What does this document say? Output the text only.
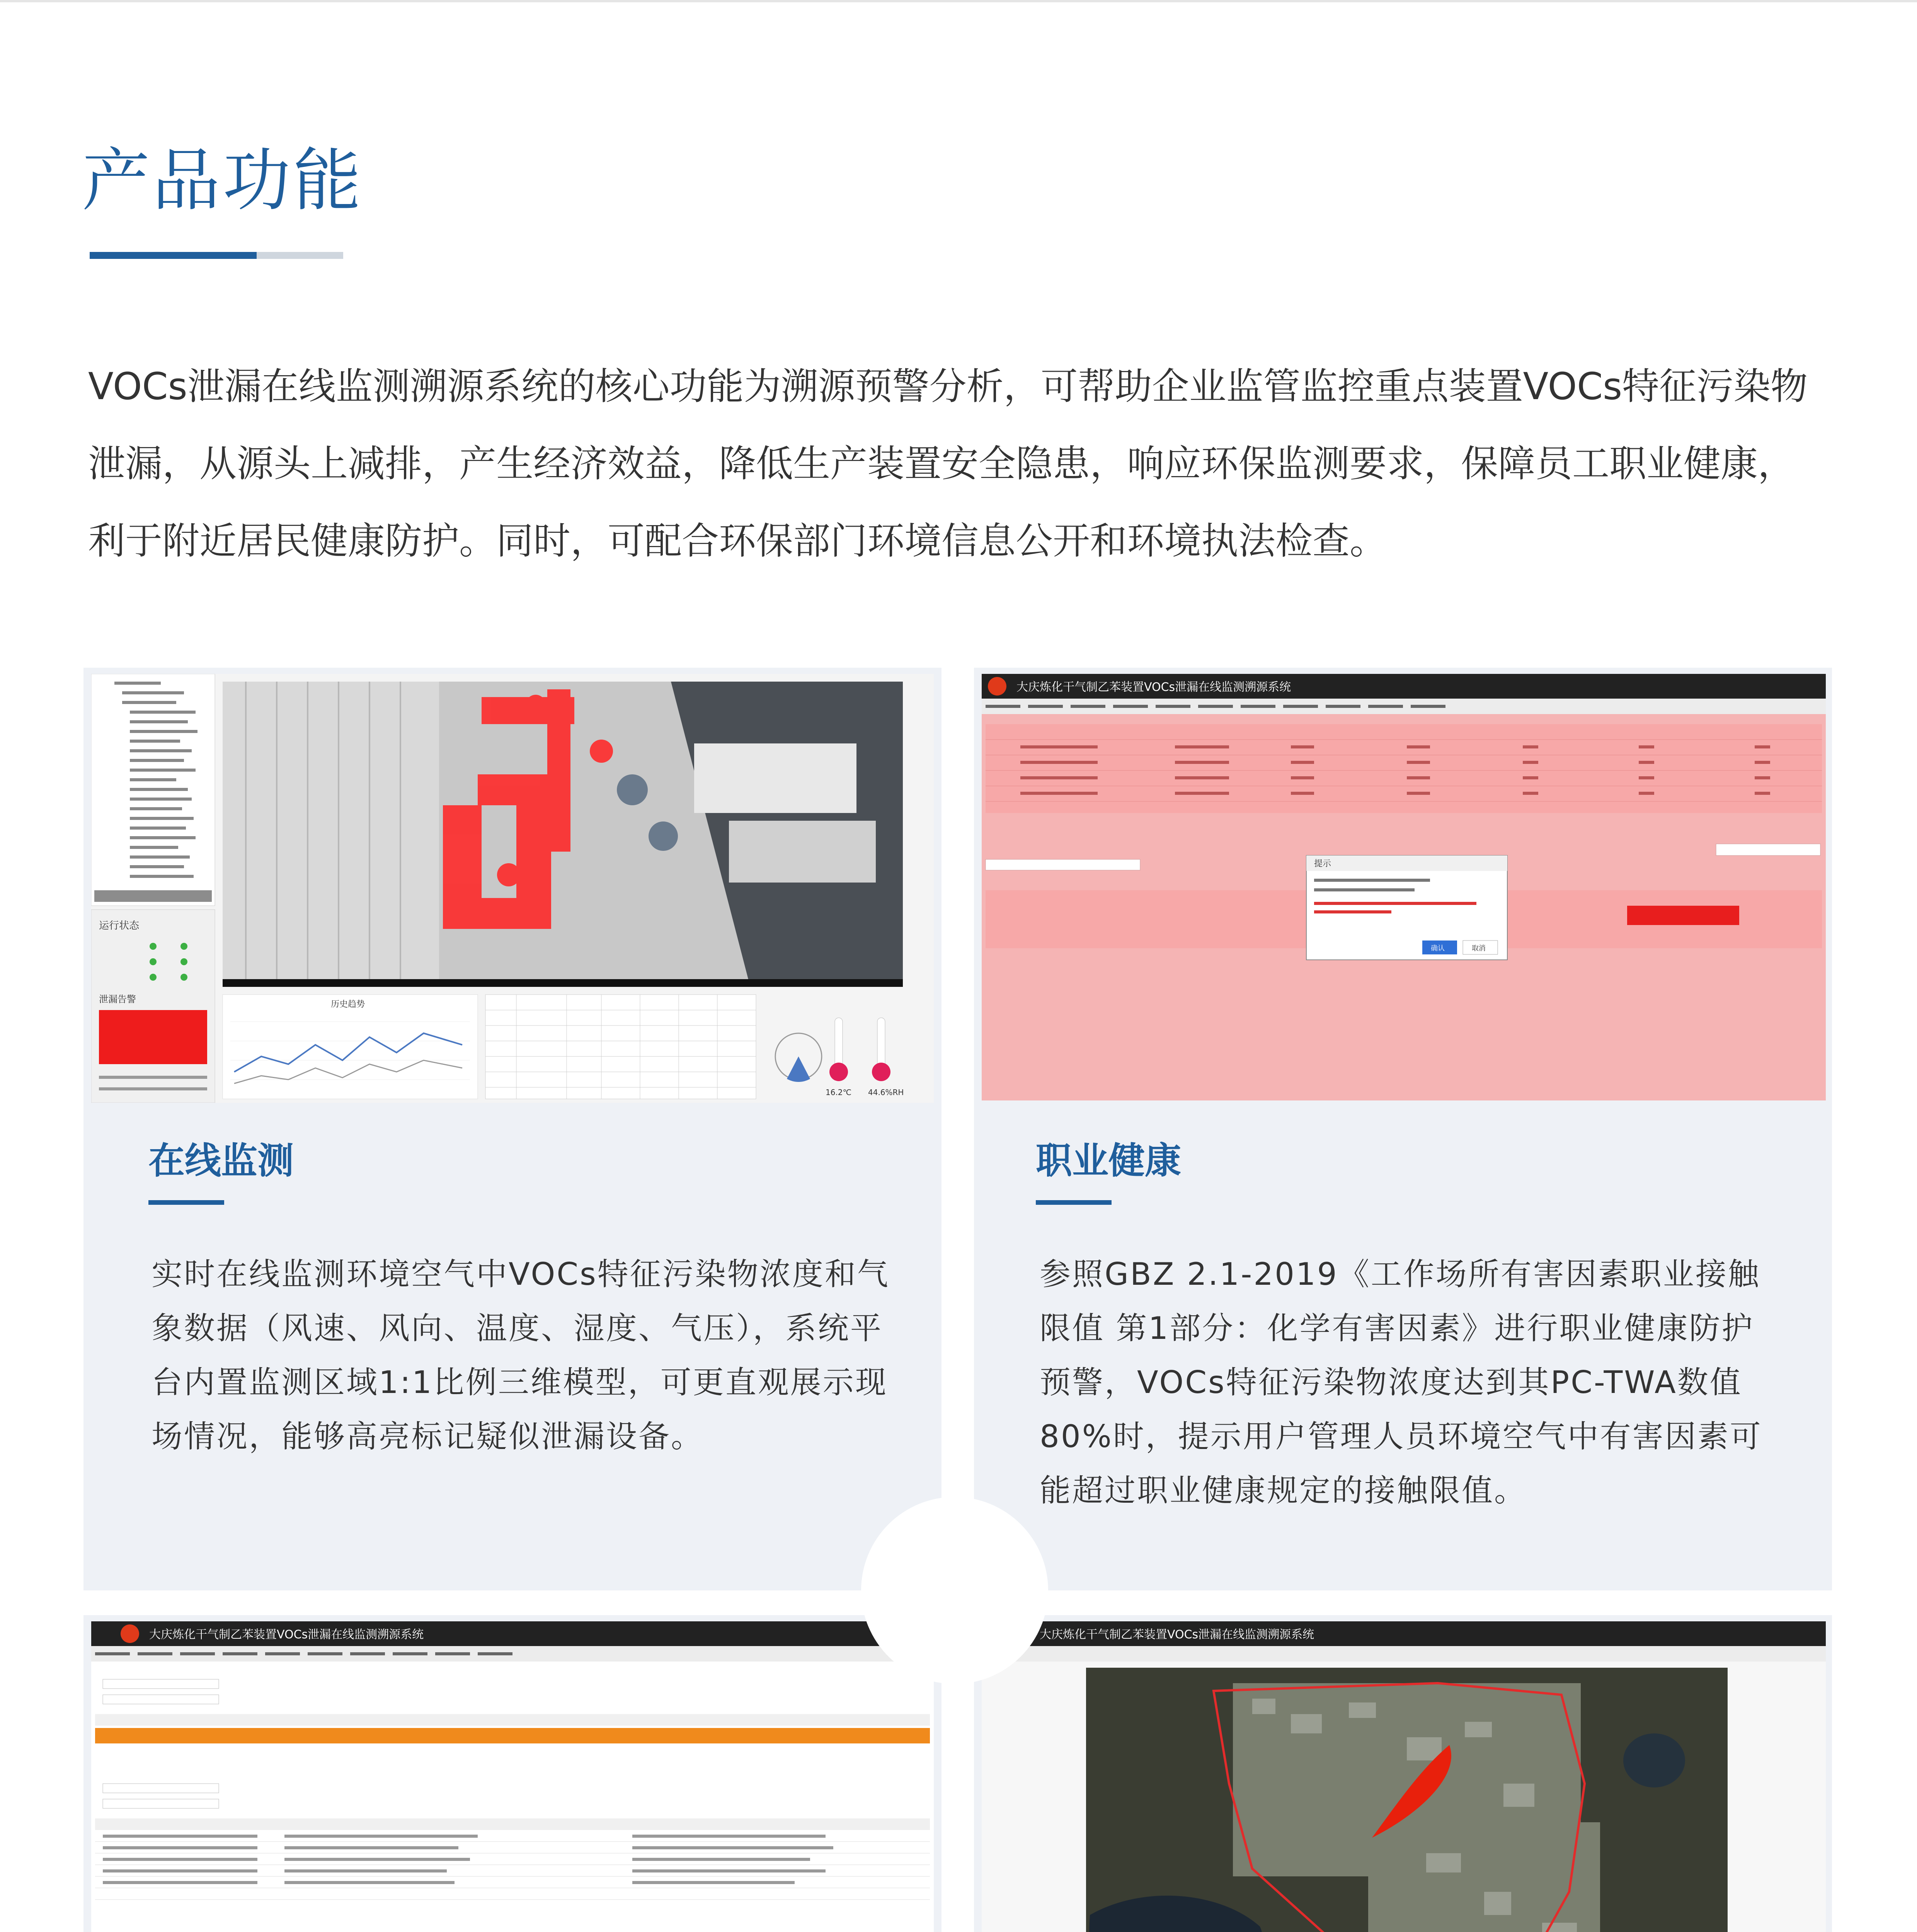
产品功能
VOCs泄漏在线监测溯源系统的核心功能为溯源预警分析，可帮助企业监管监控重点装置VOCs特征污染物泄漏，从源头上减排，产生经济效益，降低生产装置安全隐患，响应环保监测要求，保障员工职业健康，利于附近居民健康防护。同时，可配合环保部门环境信息公开和环境执法检查。
运行状态
泄漏告警	历史趋势
16.2℃ 44.6%RH
在线监测
实时在线监测环境空气中VOCs特征污染物浓度和气象数据（风速、风向、温度、湿度、气压），系统平台内置监测区域1:1比例三维模型，可更直观展示现场情况，能够高亮标记疑似泄漏设备。
大庆炼化干气制乙苯装置VOCs泄漏在线监测溯源系统
提示
确认	取消
职业健康
参照GBZ 2.1-2019《工作场所有害因素职业接触限值 第1部分：化学有害因素》进行职业健康防护预警，VOCs特征污染物浓度达到其PC-TWA数值80%时，提示用户管理人员环境空气中有害因素可能超过职业健康规定的接触限值。
大庆炼化干气制乙苯装置VOCs泄漏在线监测溯源系统	大庆炼化干气制乙苯装置VOCs泄漏在线监测溯源系统
